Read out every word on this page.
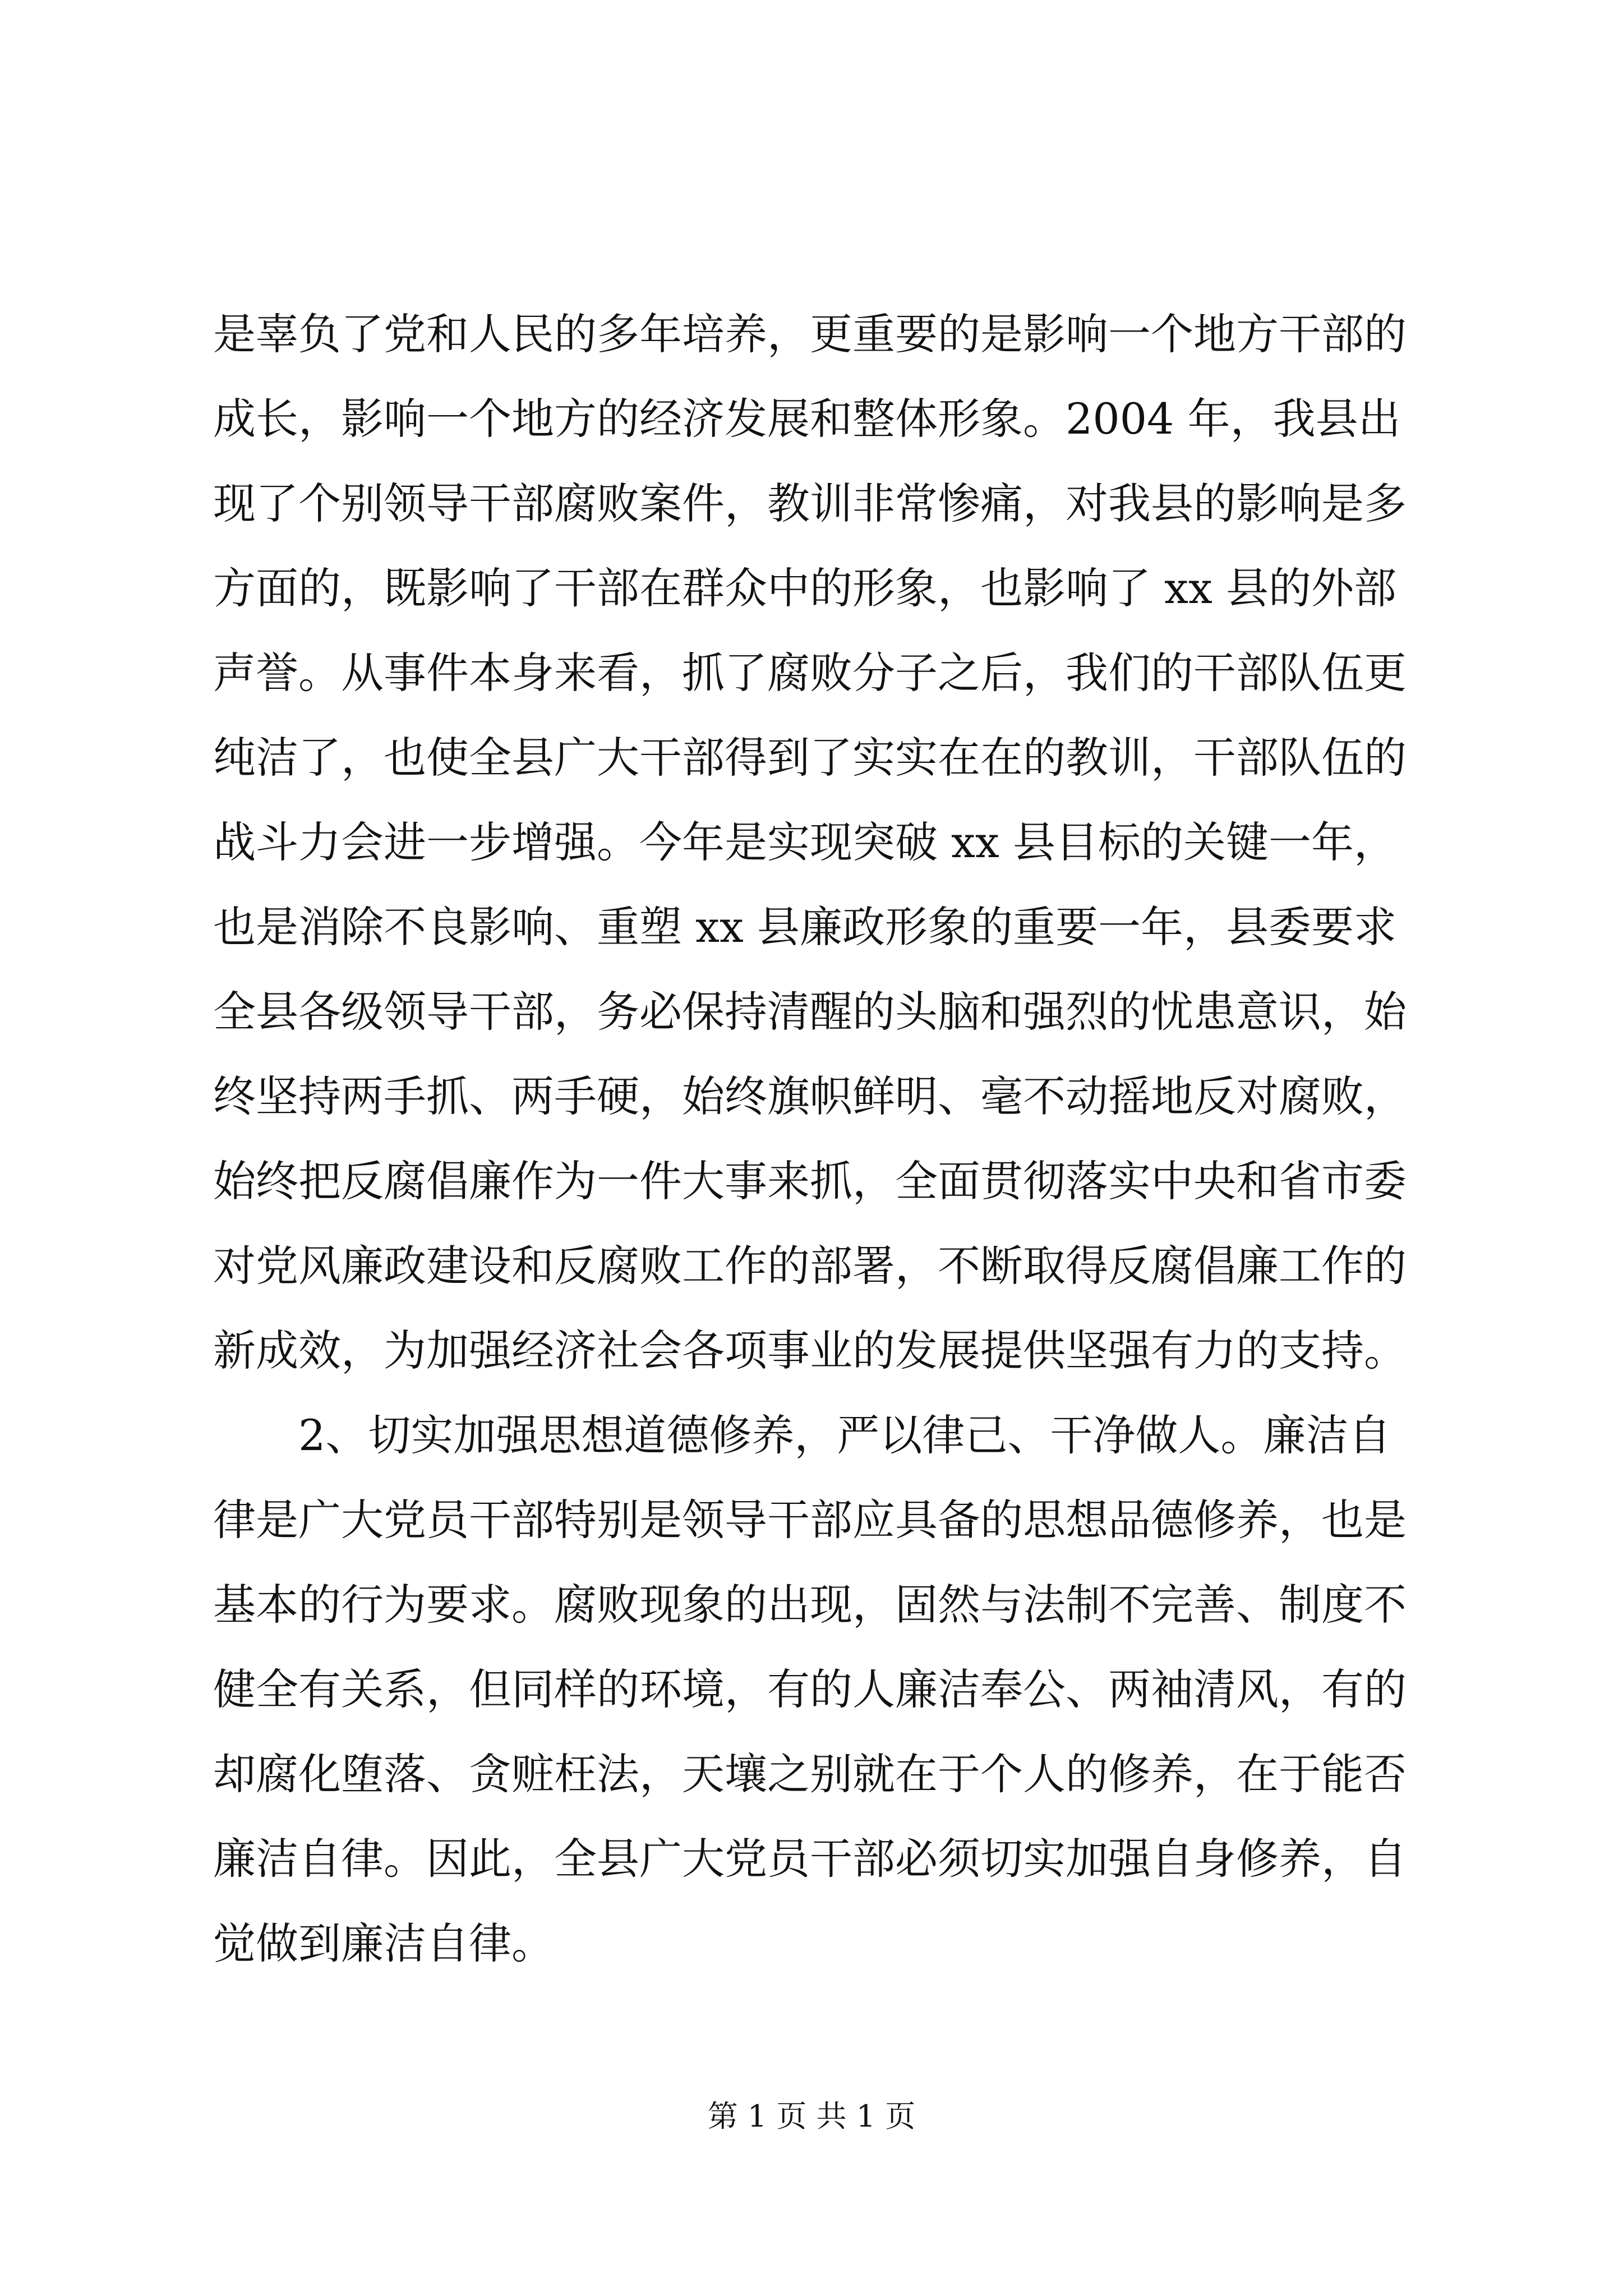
是辜负了党和人民的多年培养，更重要的是影响一个地方干部的
成长，影响一个地方的经济发展和整体形象。2004 年，我县出
现了个别领导干部腐败案件，教训非常惨痛，对我县的影响是多
方面的，既影响了干部在群众中的形象，也影响了 xx 县的外部
声誉。从事件本身来看，抓了腐败分子之后，我们的干部队伍更
纯洁了，也使全县广大干部得到了实实在在的教训，干部队伍的
战斗力会进一步增强。今年是实现突破 xx 县目标的关键一年，
也是消除不良影响、重塑 xx 县廉政形象的重要一年，县委要求
全县各级领导干部，务必保持清醒的头脑和强烈的忧患意识，始
终坚持两手抓、两手硬，始终旗帜鲜明、毫不动摇地反对腐败，
始终把反腐倡廉作为一件大事来抓，全面贯彻落实中央和省市委
对党风廉政建设和反腐败工作的部署，不断取得反腐倡廉工作的
新成效，为加强经济社会各项事业的发展提供坚强有力的支持。
2、切实加强思想道德修养，严以律己、干净做人。廉洁自
律是广大党员干部特别是领导干部应具备的思想品德修养，也是
基本的行为要求。腐败现象的出现，固然与法制不完善、制度不
健全有关系，但同样的环境，有的人廉洁奉公、两袖清风，有的
却腐化堕落、贪赃枉法，天壤之别就在于个人的修养，在于能否
廉洁自律。因此，全县广大党员干部必须切实加强自身修养，自
觉做到廉洁自律。
第 1 页 共 1 页
